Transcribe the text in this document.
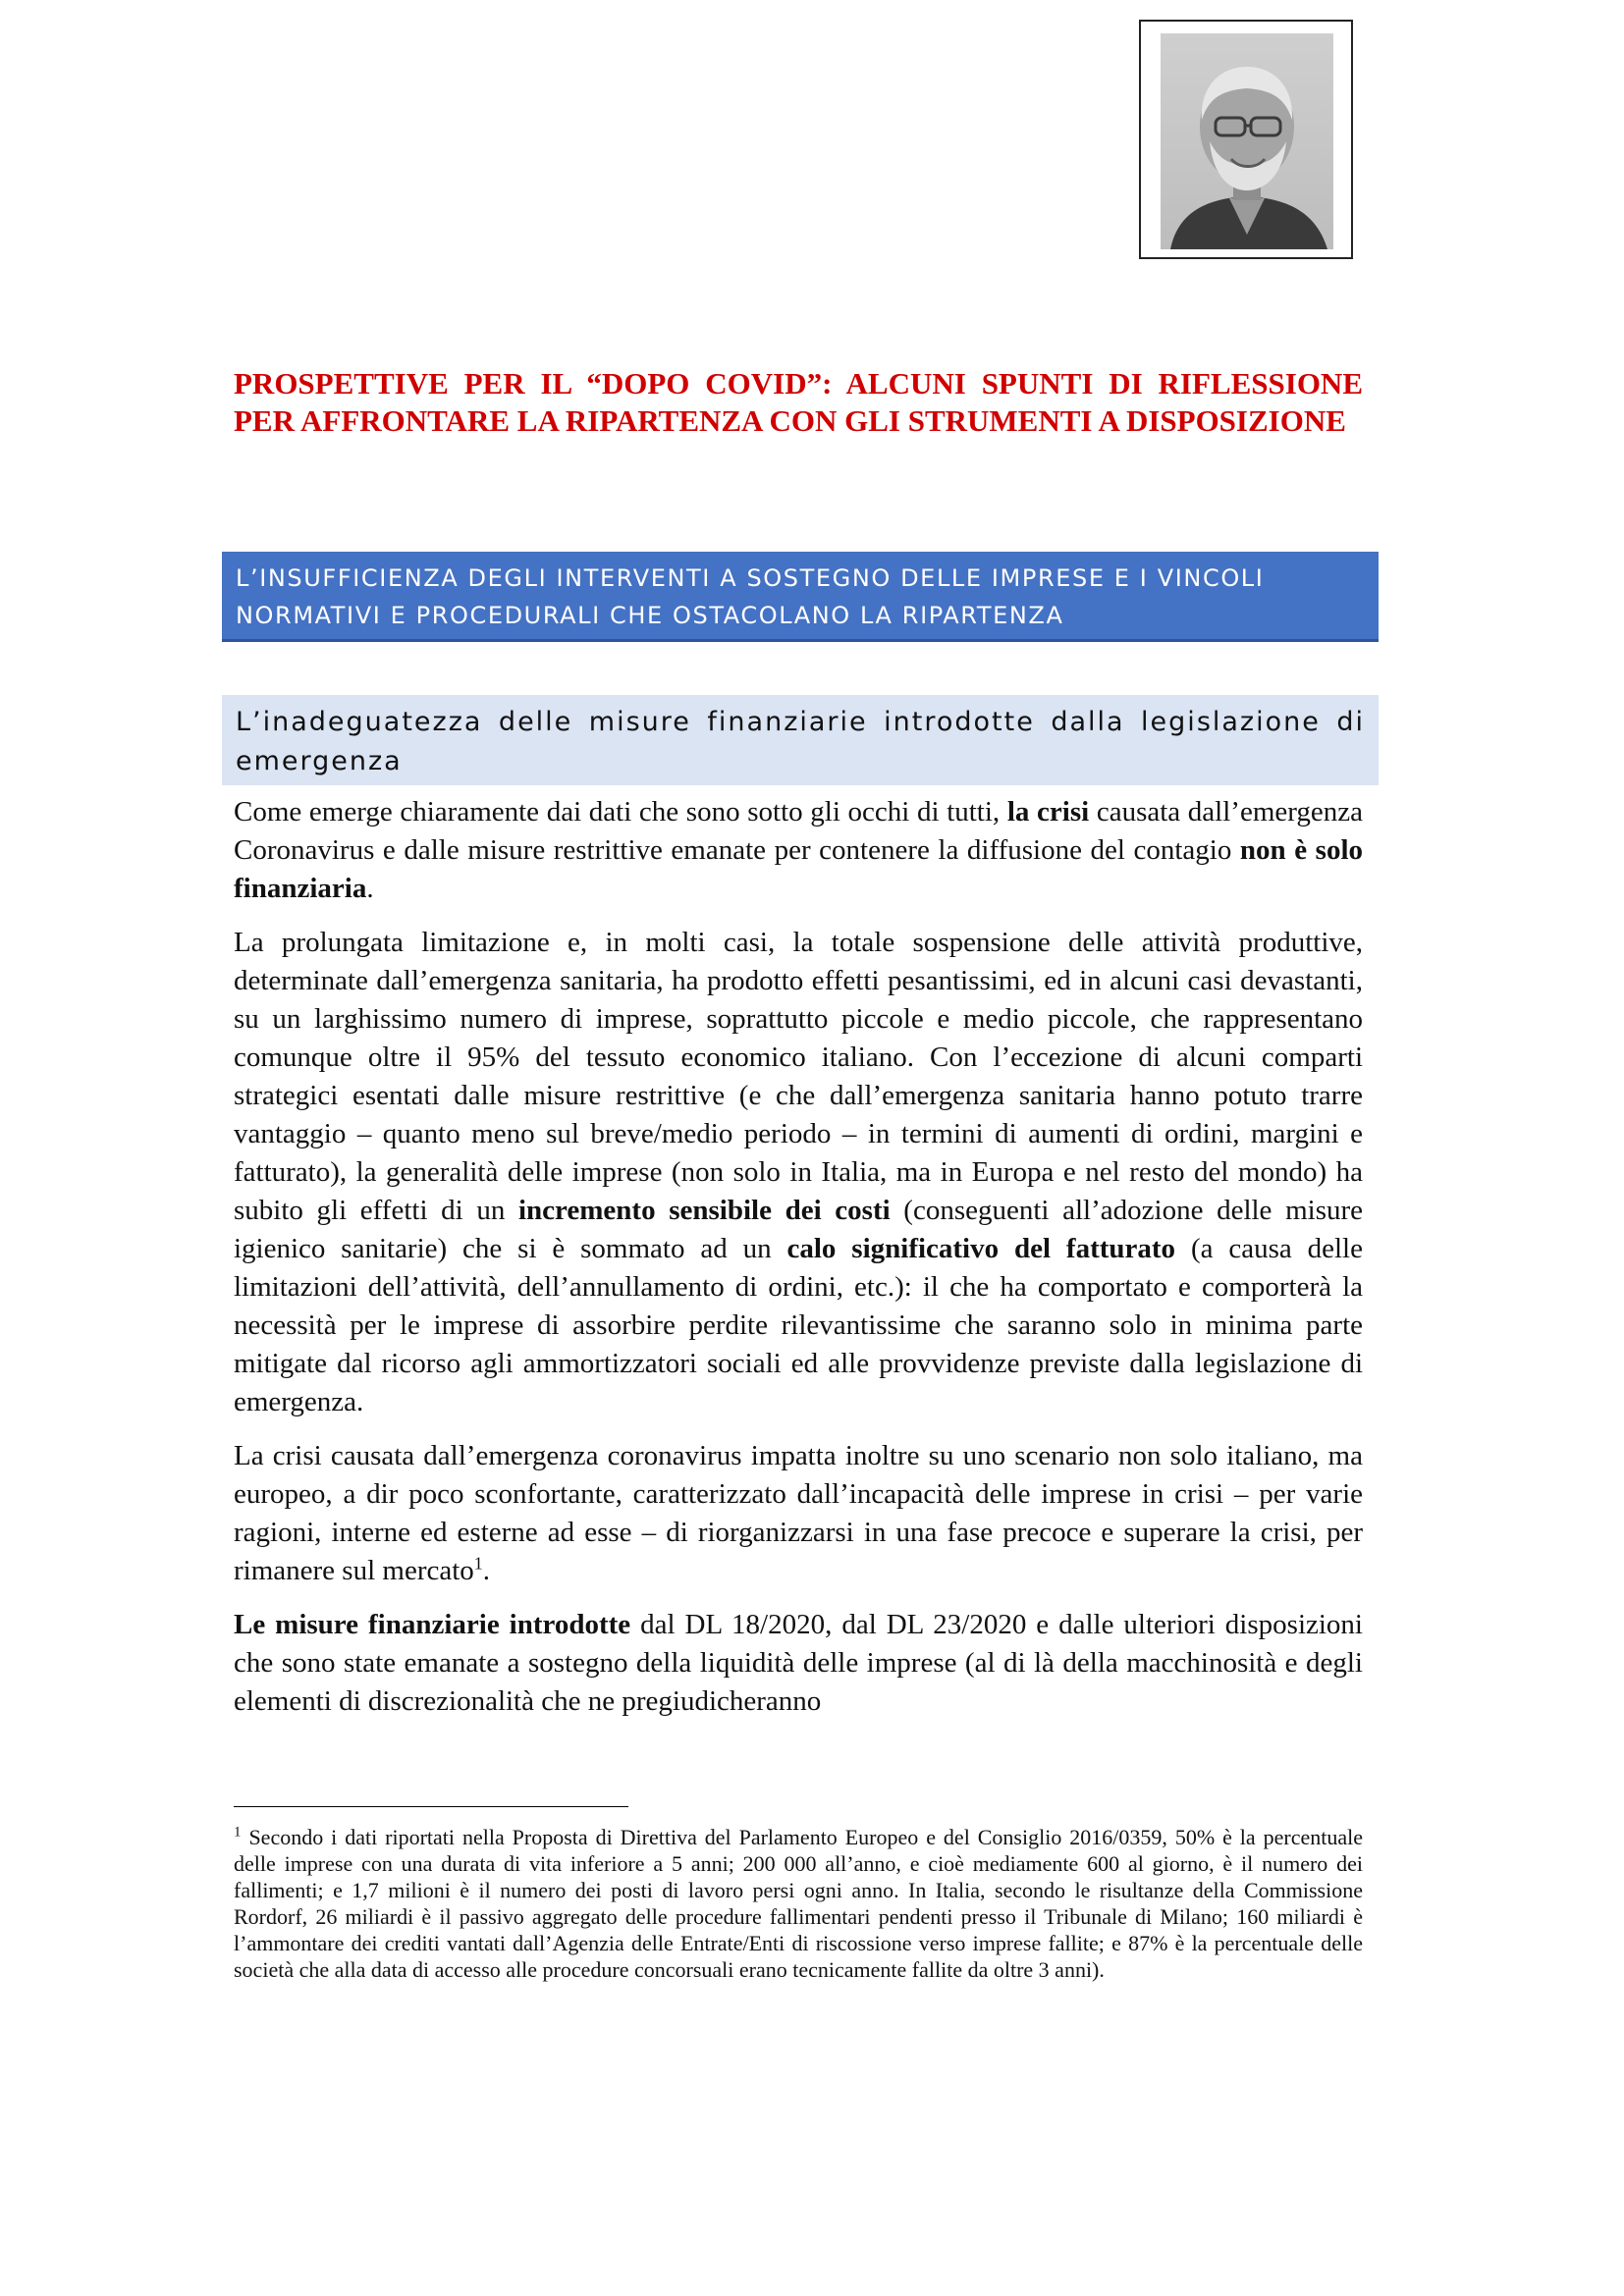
PROSPETTIVE PER IL “DOPO COVID”: ALCUNI SPUNTI DI RIFLESSIONE PER AFFRONTARE LA RIPARTENZA CON GLI STRUMENTI A DISPOSIZIONE

L’INSUFFICIENZA DEGLI INTERVENTI A SOSTEGNO DELLE IMPRESE E I VINCOLI

NORMATIVI E PROCEDURALI CHE OSTACOLANO LA RIPARTENZA

L’inadeguatezza delle misure finanziarie introdotte dalla legislazione di emergenza

Come emerge chiaramente dai dati che sono sotto gli occhi di tutti, la crisi causata dall’emergenza Coronavirus e dalle misure restrittive emanate per contenere la diffusione del contagio non è solo finanziaria.

La prolungata limitazione e, in molti casi, la totale sospensione delle attività produttive, determinate dall’emergenza sanitaria, ha prodotto effetti pesantissimi, ed in alcuni casi devastanti, su un larghissimo numero di imprese, soprattutto piccole e medio piccole, che rappresentano comunque oltre il 95% del tessuto economico italiano. Con l’eccezione di alcuni comparti strategici esentati dalle misure restrittive (e che dall’emergenza sanitaria hanno potuto trarre vantaggio – quanto meno sul breve/medio periodo – in termini di aumenti di ordini, margini e fatturato), la generalità delle imprese (non solo in Italia, ma in Europa e nel resto del mondo) ha subito gli effetti di un incremento sensibile dei costi (conseguenti all’adozione delle misure igienico sanitarie) che si è sommato ad un calo significativo del fatturato (a causa delle limitazioni dell’attività, dell’annullamento di ordini, etc.): il che ha comportato e comporterà la necessità per le imprese di assorbire perdite rilevantissime che saranno solo in minima parte mitigate dal ricorso agli ammortizzatori sociali ed alle provvidenze previste dalla legislazione di emergenza.

La crisi causata dall’emergenza coronavirus impatta inoltre su uno scenario non solo italiano, ma europeo, a dir poco sconfortante, caratterizzato dall’incapacità delle imprese in crisi – per varie ragioni, interne ed esterne ad esse – di riorganizzarsi in una fase precoce e superare la crisi, per rimanere sul mercato$^1$.

Le misure finanziarie introdotte dal DL 18/2020, dal DL 23/2020 e dalle ulteriori disposizioni che sono state emanate a sostegno della liquidità delle imprese (al di là della macchinosità e degli elementi di discrezionalità che ne pregiudicheranno

$^1$ Secondo i dati riportati nella Proposta di Direttiva del Parlamento Europeo e del Consiglio 2016/0359, 50% è la percentuale delle imprese con una durata di vita inferiore a 5 anni; 200 000 all’anno, e cioè mediamente 600 al giorno, è il numero dei fallimenti; e 1,7 milioni è il numero dei posti di lavoro persi ogni anno. In Italia, secondo le risultanze della Commissione Rordorf, 26 miliardi è il passivo aggregato delle procedure fallimentari pendenti presso il Tribunale di Milano; 160 miliardi è l’ammontare dei crediti vantati dall’Agenzia delle Entrate/Enti di riscossione verso imprese fallite; e 87% è la percentuale delle società che alla data di accesso alle procedure concorsuali erano tecnicamente fallite da oltre 3 anni).
